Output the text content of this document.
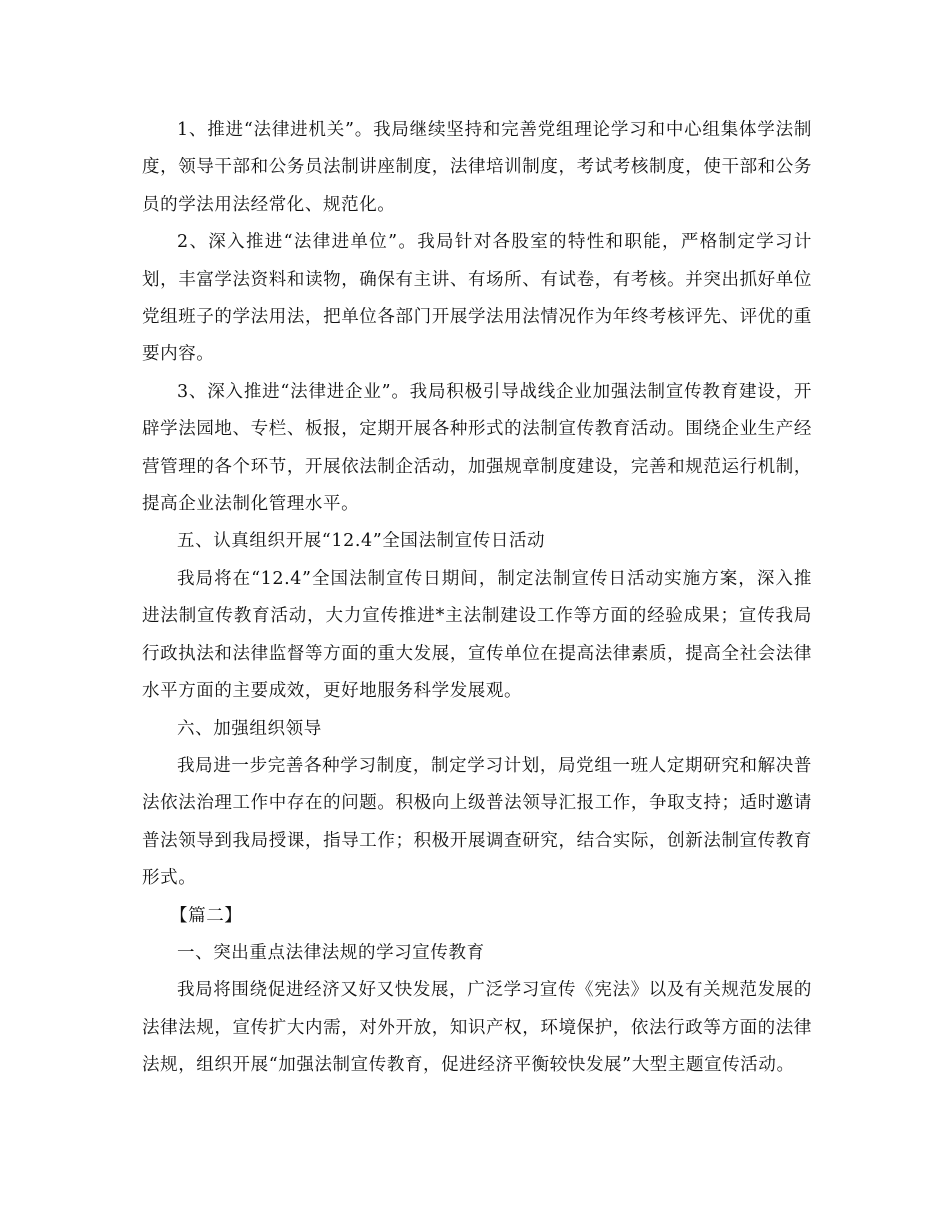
1、推进“法律进机关”。我局继续坚持和完善党组理论学习和中心组集体学法制度，领导干部和公务员法制讲座制度，法律培训制度，考试考核制度，使干部和公务员的学法用法经常化、规范化。

2、深入推进“法律进单位”。我局针对各股室的特性和职能，严格制定学习计划，丰富学法资料和读物，确保有主讲、有场所、有试卷，有考核。并突出抓好单位党组班子的学法用法，把单位各部门开展学法用法情况作为年终考核评先、评优的重要内容。

3、深入推进“法律进企业”。我局积极引导战线企业加强法制宣传教育建设，开辟学法园地、专栏、板报，定期开展各种形式的法制宣传教育活动。围绕企业生产经营管理的各个环节，开展依法制企活动，加强规章制度建设，完善和规范运行机制，提高企业法制化管理水平。

五、认真组织开展“12.4”全国法制宣传日活动

我局将在“12.4”全国法制宣传日期间，制定法制宣传日活动实施方案，深入推进法制宣传教育活动，大力宣传推进*主法制建设工作等方面的经验成果；宣传我局行政执法和法律监督等方面的重大发展，宣传单位在提高法律素质，提高全社会法律水平方面的主要成效，更好地服务科学发展观。

六、加强组织领导

我局进一步完善各种学习制度，制定学习计划，局党组一班人定期研究和解决普法依法治理工作中存在的问题。积极向上级普法领导汇报工作，争取支持；适时邀请普法领导到我局授课，指导工作；积极开展调查研究，结合实际，创新法制宣传教育形式。

【篇二】

一、突出重点法律法规的学习宣传教育

我局将围绕促进经济又好又快发展，广泛学习宣传《宪法》以及有关规范发展的法律法规，宣传扩大内需，对外开放，知识产权，环境保护，依法行政等方面的法律法规，组织开展“加强法制宣传教育，促进经济平衡较快发展”大型主题宣传活动。
